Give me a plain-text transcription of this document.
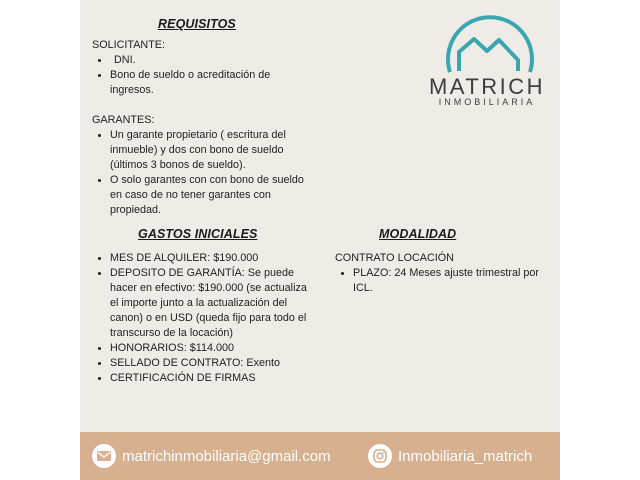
REQUISITOS
SOLICITANTE:
• DNI.
• Bono de sueldo o acreditación de ingresos.
GARANTES:
• Un garante propietario ( escritura del inmueble) y dos con bono de sueldo (últimos 3 bonos de sueldo).
• O solo garantes con con bono de sueldo en caso de no tener garantes con propiedad.
GASTOS INICIALES
• MES DE ALQUILER: $190.000
• DEPOSITO DE GARANTÍA: Se puede hacer en efectivo: $190.000 (se actualiza el importe junto a la actualización del canon) o en USD (queda fijo para todo el transcurso de la locación)
• HONORARIOS: $114.000
• SELLADO DE CONTRATO: Exento
• CERTIFICACIÓN DE FIRMAS
MODALIDAD
CONTRATO LOCACIÓN
• PLAZO: 24 Meses ajuste trimestral por ICL.
MATRICH
INMOBILIARIA
matrichinmobiliaria@gmail.com	Inmobiliaria_matrich
